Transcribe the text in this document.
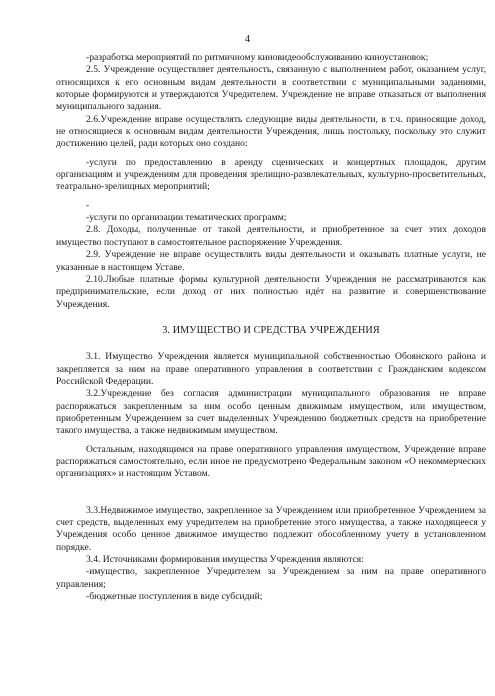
4

-разработка мероприятий по ритмичному киновидеообслуживанию киноустановок;

2.5. Учреждение осуществляет деятельность, связанную с выполнением работ, оказанием услуг, относящихся к его основным видам деятельности в соответствии с муниципальными заданиями, которые формируются и утверждаются Учредителем. Учреждение не вправе отказаться от выполнения муниципального задания.

2.6.Учреждение вправе осуществлять следующие виды деятельности, в т.ч. приносящие доход, не относящиеся к основным видам деятельности Учреждения, лишь постольку, поскольку это служит достижению целей, ради которых оно создано:

-услуги по предоставлению в аренду сценических и концертных площадок, другим организациям и учреждениям для проведения зрелищно-развлекательных, культурно-просветительных, театрально-зрелищных мероприятий;

-

-услуги по организации тематических программ;

2.8. Доходы, полученные от такой деятельности, и приобретенное за счет этих доходов имущество поступают в самостоятельное распоряжение Учреждения.

2.9. Учреждение не вправе осуществлять виды деятельности и оказывать платные услуги, не указанные в настоящем Уставе.

2.10.Любые платные формы культурной деятельности Учреждения не рассматриваются как предпринимательские, если доход от них полностью идёт на развитие и совершенствование Учреждения.

3. ИМУЩЕСТВО И СРЕДСТВА УЧРЕЖДЕНИЯ

3.1. Имущество Учреждения является муниципальной собственностью Обоянского района и закрепляется за ним на праве оперативного управления в соответствии с Гражданским кодексом Российской Федерации.

3.2.Учреждение без согласия администрации муниципального образования не вправе распоряжаться закрепленным за ним особо ценным движимым имуществом, или имуществом, приобретенным Учреждением за счет выделенных Учреждению бюджетных средств на приобретение такого имущества, а также недвижимым имуществом.

Остальным, находящимся на праве оперативного управления имуществом, Учреждение вправе распоряжаться самостоятельно, если иное не предусмотрено Федеральным законом «О некоммерческих организациях» и настоящим Уставом.

3.3.Недвижимое имущество, закрепленное за Учреждением или приобретенное Учреждением за счет средств, выделенных ему учредителем на приобретение этого имущества, а также находящееся у Учреждения особо ценное движимое имущество подлежит обособленному учету в установленном порядке.

3.4. Источниками формирования имущества Учреждения являются:

-имущество, закрепленное Учредителем за Учреждением за ним на праве оперативного управления;

-бюджетные поступления в виде субсидий;
